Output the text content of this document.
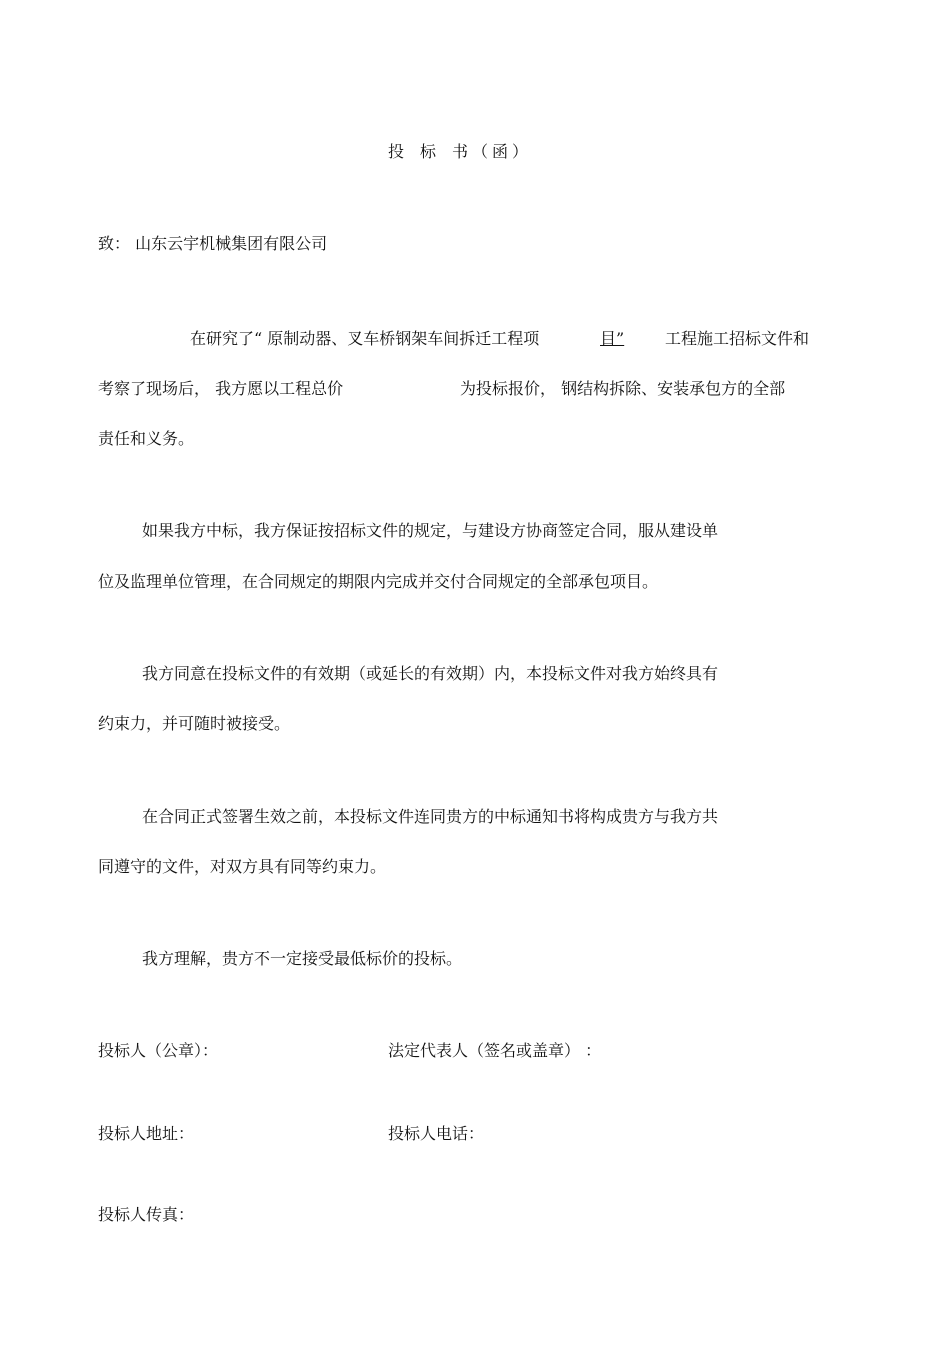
投 标 书（函）
致： 山东云宇机械集团有限公司
在研究了“ 原制动器、叉车桥钢架车间拆迁工程项	目”	工程施工招标文件和
考察了现场后， 我方愿以工程总价	为投标报价， 钢结构拆除、安装承包方的全部
责任和义务。
如果我方中标，我方保证按招标文件的规定，与建设方协商签定合同，服从建设单
位及监理单位管理，在合同规定的期限内完成并交付合同规定的全部承包项目。
我方同意在投标文件的有效期（或延长的有效期）内，本投标文件对我方始终具有
约束力，并可随时被接受。
在合同正式签署生效之前，本投标文件连同贵方的中标通知书将构成贵方与我方共
同遵守的文件，对双方具有同等约束力。
我方理解，贵方不一定接受最低标价的投标。
投标人（公章）：	法定代表人（签名或盖章） ：
投标人地址：	投标人电话：
投标人传真：
